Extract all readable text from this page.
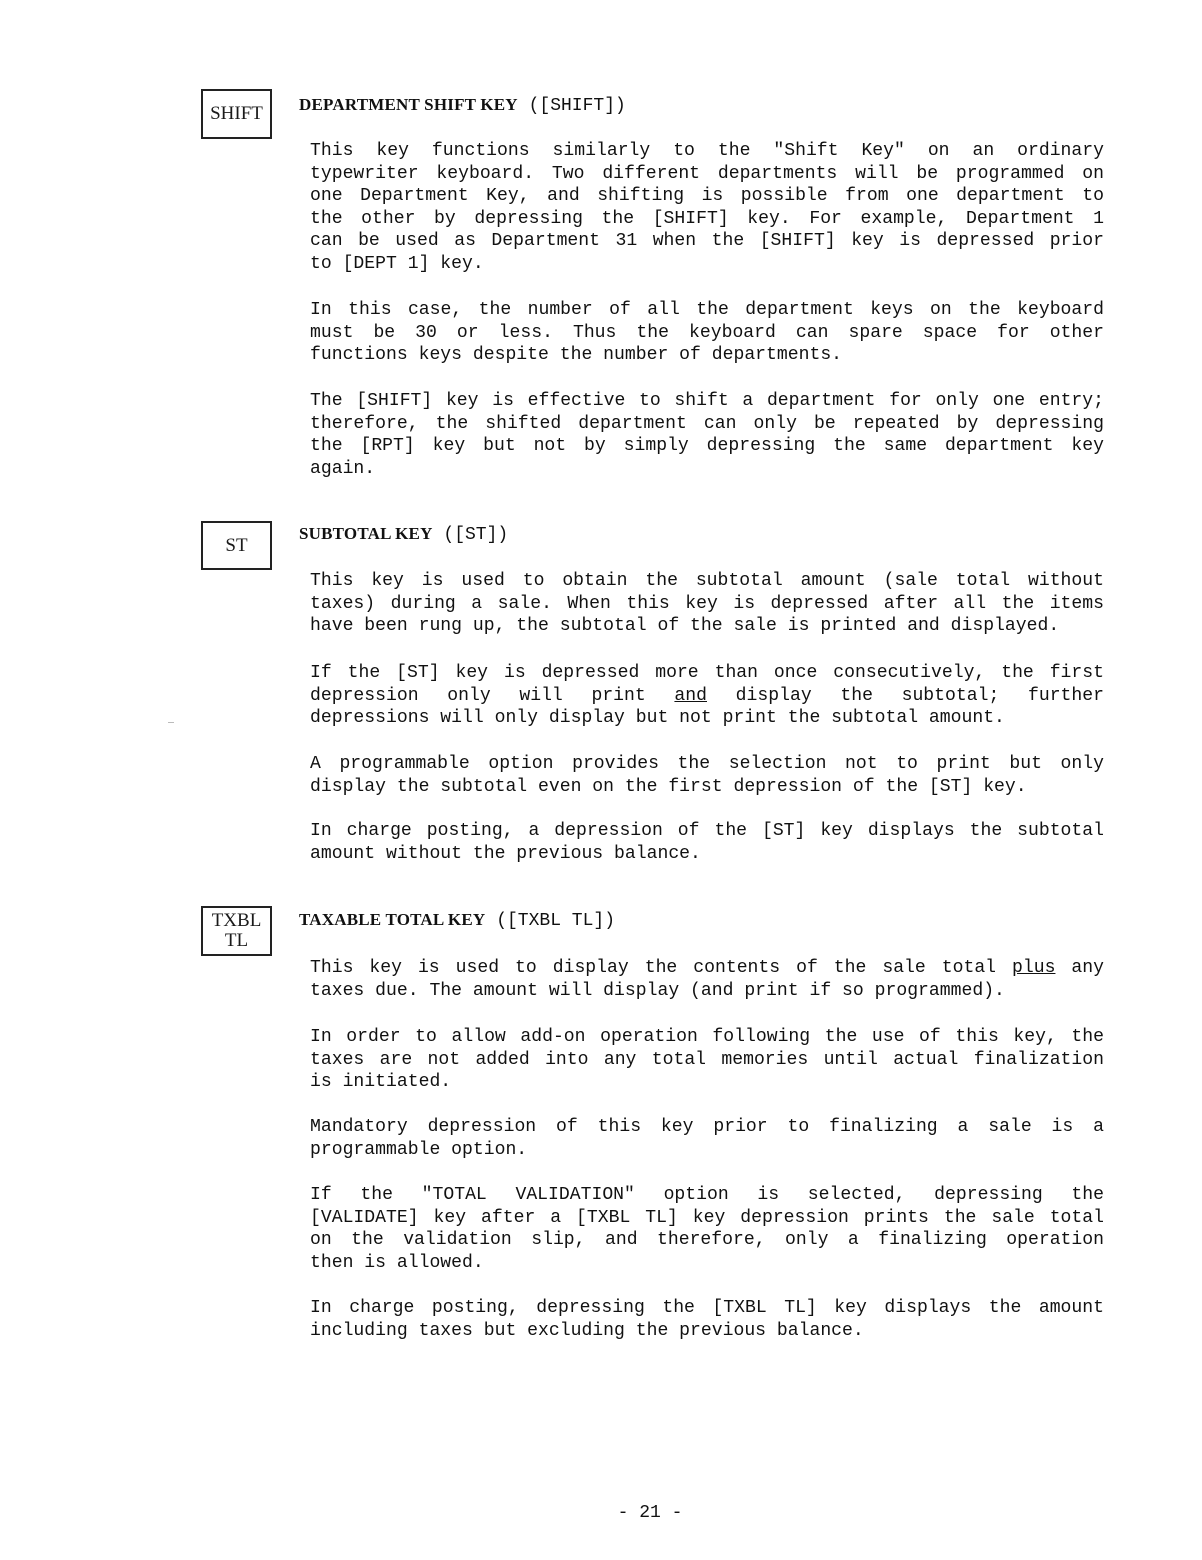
SHIFT DEPARTMENT SHIFT KEY ([SHIFT])
This key functions similarly to the "Shift Key" on an ordinary
typewriter keyboard. Two different departments will be programmed on
one Department Key, and shifting is possible from one department to
the other by depressing the [SHIFT] key. For example, Department 1
can be used as Department 31 when the [SHIFT] key is depressed prior
to [DEPT 1] key.
In this case, the number of all the department keys on the keyboard
must be 30 or less. Thus the keyboard can spare space for other
functions keys despite the number of departments.
The [SHIFT] key is effective to shift a department for only one entry;
therefore, the shifted department can only be repeated by depressing
the [RPT] key but not by simply depressing the same department key
again.
ST
SUBTOTAL KEY ([ST])
This key is used to obtain the subtotal amount (sale total without
taxes) during a sale. When this key is depressed after all the items
have been rung up, the subtotal of the sale is printed and displayed.
If the [ST] key is depressed more than once consecutively, the first
depression only will print and display the subtotal; further
depressions will only display but not print the subtotal amount.
A programmable option provides the selection not to print but only
display the subtotal even on the first depression of the [ST] key.
In charge posting, a depression of the [ST] key displays the subtotal
amount without the previous balance.
TXBL
TL
TAXABLE TOTAL KEY ([TXBL TL])
This key is used to display the contents of the sale total plus any
taxes due. The amount will display (and print if so programmed).
In order to allow add-on operation following the use of this key, the
taxes are not added into any total memories until actual finalization
is initiated.
Mandatory depression of this key prior to finalizing a sale is a
programmable option.
If the "TOTAL VALIDATION" option is selected, depressing the
[VALIDATE] key after a [TXBL TL] key depression prints the sale total
on the validation slip, and therefore, only a finalizing operation
then is allowed.
In charge posting, depressing the [TXBL TL] key displays the amount
including taxes but excluding the previous balance.
- 21 -
